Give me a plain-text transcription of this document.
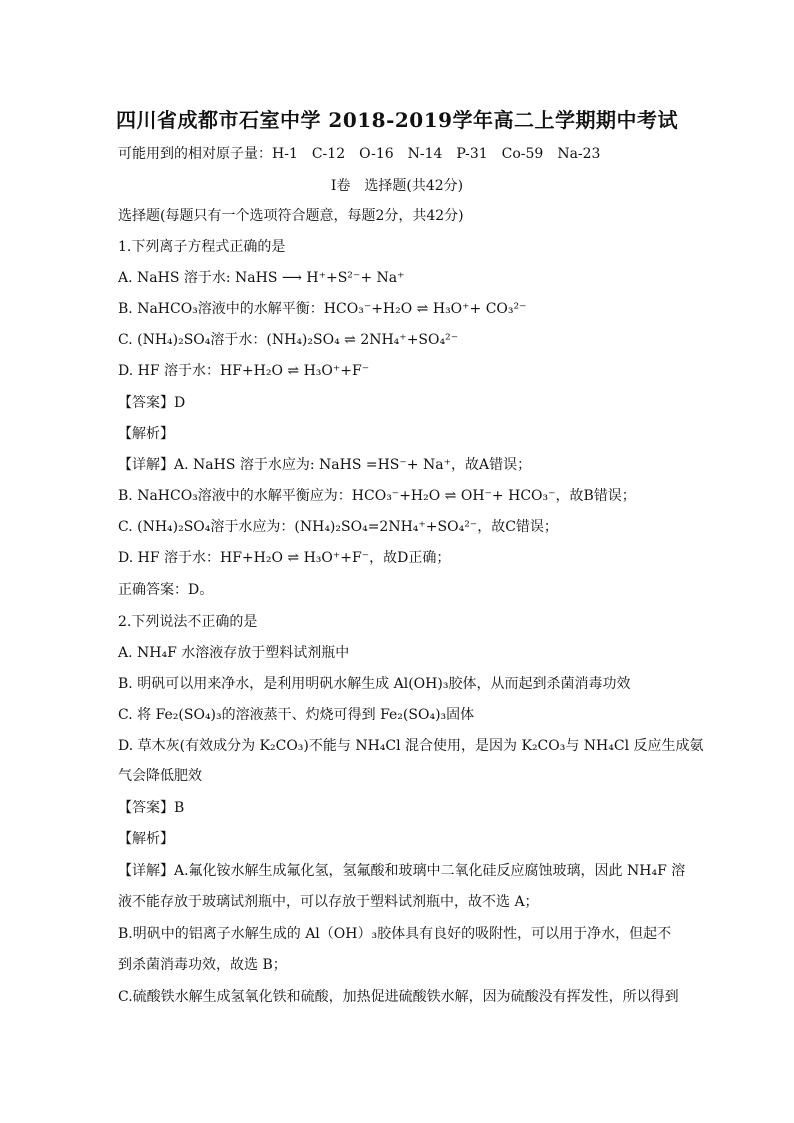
四川省成都市石室中学 2018-2019学年高二上学期期中考试
可能用到的相对原子量：H-1　C-12　O-16　N-14　P-31　Co-59　Na-23
Ⅰ卷　选择题(共42分)
选择题(每题只有一个选项符合题意，每题2分，共42分)
1.下列离子方程式正确的是
A. NaHS 溶于水: NaHS ⟶ H⁺+S²⁻+ Na⁺
B. NaHCO₃溶液中的水解平衡：HCO₃⁻+H₂O ⇌ H₃O⁺+ CO₃²⁻
C. (NH₄)₂SO₄溶于水：(NH₄)₂SO₄ ⇌ 2NH₄⁺+SO₄²⁻
D. HF 溶于水：HF+H₂O ⇌ H₃O⁺+F⁻
【答案】D
【解析】
【详解】A. NaHS 溶于水应为: NaHS =HS⁻+ Na⁺，故A错误；
B. NaHCO₃溶液中的水解平衡应为：HCO₃⁻+H₂O ⇌ OH⁻+ HCO₃⁻，故B错误；
C. (NH₄)₂SO₄溶于水应为：(NH₄)₂SO₄=2NH₄⁺+SO₄²⁻，故C错误；
D. HF 溶于水：HF+H₂O ⇌ H₃O⁺+F⁻，故D正确；
正确答案：D。
2.下列说法不正确的是
A. NH₄F 水溶液存放于塑料试剂瓶中
B. 明矾可以用来净水，是利用明矾水解生成 Al(OH)₃胶体，从而起到杀菌消毒功效
C. 将 Fe₂(SO₄)₃的溶液蒸干、灼烧可得到 Fe₂(SO₄)₃固体
D. 草木灰(有效成分为 K₂CO₃)不能与 NH₄Cl 混合使用，是因为 K₂CO₃与 NH₄Cl 反应生成氨
气会降低肥效
【答案】B
【解析】
【详解】A.氟化铵水解生成氟化氢，氢氟酸和玻璃中二氧化硅反应腐蚀玻璃，因此 NH₄F 溶
液不能存放于玻璃试剂瓶中，可以存放于塑料试剂瓶中，故不选 A；
B.明矾中的铝离子水解生成的 Al（OH）₃胶体具有良好的吸附性，可以用于净水，但起不
到杀菌消毒功效，故选 B；
C.硫酸铁水解生成氢氧化铁和硫酸，加热促进硫酸铁水解，因为硫酸没有挥发性，所以得到
